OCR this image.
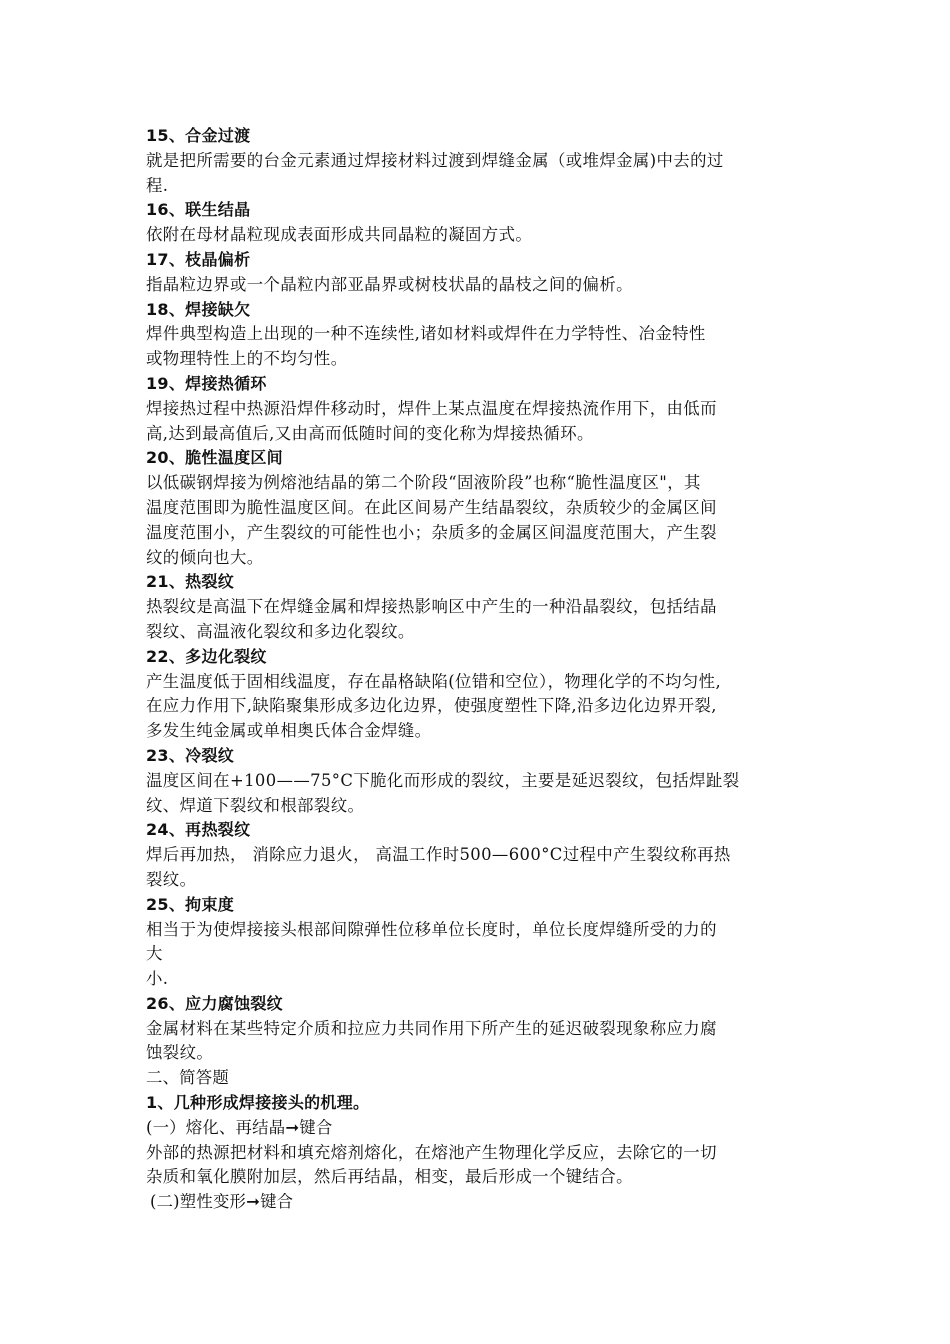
15、合金过渡
就是把所需要的台金元素通过焊接材料过渡到焊缝金属（或堆焊金属)中去的过
程.
16、联生结晶
依附在母材晶粒现成表面形成共同晶粒的凝固方式。
17、枝晶偏析
指晶粒边界或一个晶粒内部亚晶界或树枝状晶的晶枝之间的偏析。
18、焊接缺欠
焊件典型构造上出现的一种不连续性,诸如材料或焊件在力学特性、冶金特性
或物理特性上的不均匀性。
19、焊接热循环
焊接热过程中热源沿焊件移动时，焊件上某点温度在焊接热流作用下，由低而
高,达到最高值后,又由高而低随时间的变化称为焊接热循环。
20、脆性温度区间
以低碳钢焊接为例熔池结晶的第二个阶段“固液阶段”也称“脆性温度区"，其
温度范围即为脆性温度区间。在此区间易产生结晶裂纹，杂质较少的金属区间
温度范围小，产生裂纹的可能性也小；杂质多的金属区间温度范围大，产生裂
纹的倾向也大。
21、热裂纹
热裂纹是高温下在焊缝金属和焊接热影响区中产生的一种沿晶裂纹，包括结晶
裂纹、高温液化裂纹和多边化裂纹。
22、多边化裂纹
产生温度低于固相线温度，存在晶格缺陷(位错和空位），物理化学的不均匀性,
在应力作用下,缺陷聚集形成多边化边界，使强度塑性下降,沿多边化边界开裂,
多发生纯金属或单相奥氏体合金焊缝。
23、冷裂纹
温度区间在+100——75°C下脆化而形成的裂纹，主要是延迟裂纹，包括焊趾裂
纹、焊道下裂纹和根部裂纹。
24、再热裂纹
焊后再加热， 消除应力退火， 高温工作时500—600°C过程中产生裂纹称再热
裂纹。
25、拘束度
相当于为使焊接接头根部间隙弹性位移单位长度时，单位长度焊缝所受的力的
大
小.
26、应力腐蚀裂纹
金属材料在某些特定介质和拉应力共同作用下所产生的延迟破裂现象称应力腐
蚀裂纹。
二、简答题
1、几种形成焊接接头的机理。
(一）熔化、再结晶➞键合
外部的热源把材料和填充熔剂熔化，在熔池产生物理化学反应，去除它的一切
杂质和氧化膜附加层，然后再结晶，相变，最后形成一个键结合。
(二)塑性变形➞键合
